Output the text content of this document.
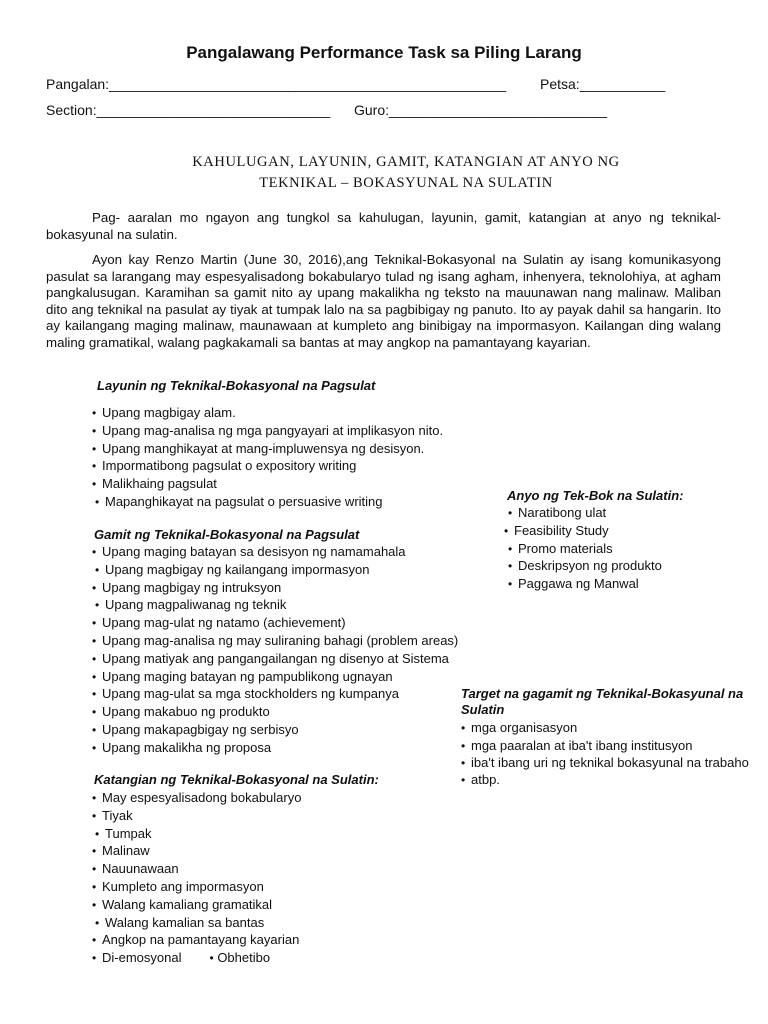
Pangalawang Performance Task sa Piling Larang
Pangalan:___________________________________________________ Petsa:___________
Section:______________________________ Guro:____________________________
KAHULUGAN, LAYUNIN, GAMIT, KATANGIAN AT ANYO NG
TEKNIKAL – BOKASYUNAL NA SULATIN
Pag- aaralan mo ngayon ang tungkol sa kahulugan, layunin, gamit, katangian at anyo ng teknikal-bokasyunal na sulatin.
Ayon kay Renzo Martin (June 30, 2016),ang Teknikal-Bokasyonal na Sulatin ay isang komunikasyong pasulat sa larangang may espesyalisadong bokabularyo tulad ng isang agham, inhenyera, teknolohiya, at agham pangkalusugan. Karamihan sa gamit nito ay upang makalikha ng teksto na mauunawan nang malinaw. Maliban dito ang teknikal na pasulat ay tiyak at tumpak lalo na sa pagbibigay ng panuto. Ito ay payak dahil sa hangarin. Ito ay kailangang maging malinaw, maunawaan at kumpleto ang binibigay na impormasyon. Kailangan ding walang maling gramatikal, walang pagkakamali sa bantas at may angkop na pamantayang kayarian.
Layunin ng Teknikal-Bokasyonal na Pagsulat
• Upang magbigay alam.
• Upang mag-analisa ng mga pangyayari at implikasyon nito.
• Upang manghikayat at mang-impluwensya ng desisyon.
• Impormatibong pagsulat o expository writing
• Malikhaing pagsulat
• Mapanghikayat na pagsulat o persuasive writing	Anyo ng Tek-Bok na Sulatin:
• Naratibong ulat
• Feasibility Study
• Promo materials
• Deskripsyon ng produkto
• Paggawa ng Manwal
Gamit ng Teknikal-Bokasyonal na Pagsulat
• Upang maging batayan sa desisyon ng namamahala
• Upang magbigay ng kailangang impormasyon
• Upang magbigay ng intruksyon
• Upang magpaliwanag ng teknik
• Upang mag-ulat ng natamo (achievement)
• Upang mag-analisa ng may suliraning bahagi (problem areas)
• Upang matiyak ang pangangailangan ng disenyo at Sistema
• Upang maging batayan ng pampublikong ugnayan
• Upang mag-ulat sa mga stockholders ng kumpanya
• Upang makabuo ng produkto
• Upang makapagbigay ng serbisyo
• Upang makalikha ng proposa
Target na gagamit ng Teknikal-Bokasyunal na Sulatin
• mga organisasyon
• mga paaralan at iba't ibang institusyon
• iba't ibang uri ng teknikal bokasyunal na trabaho
• atbp.
Katangian ng Teknikal-Bokasyonal na Sulatin:
• May espesyalisadong bokabularyo
• Tiyak
• Tumpak
• Malinaw
• Nauunawaan
• Kumpleto ang impormasyon
• Walang kamaliang gramatikal
• Walang kamalian sa bantas
• Angkop na pamantayang kayarian
• Di-emosyonal • Obhetibo
